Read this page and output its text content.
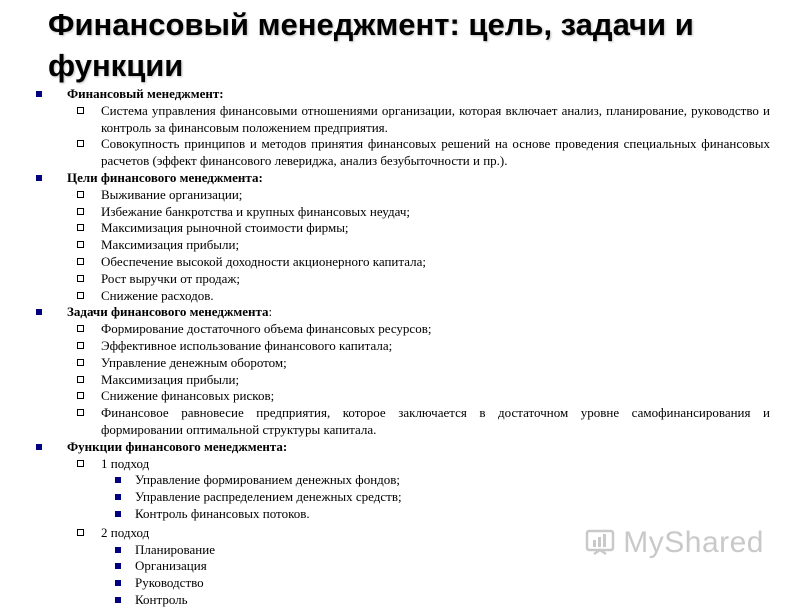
Финансовый менеджмент: цель, задачи и функции
Финансовый менеджмент:
Система управления финансовыми отношениями организации, которая включает анализ, планирование, руководство и контроль за финансовым положением предприятия.
Совокупность принципов и методов принятия финансовых решений на основе проведения специальных финансовых расчетов (эффект финансового левериджа, анализ безубыточности и пр.).
Цели финансового менеджмента:
Выживание организации;
Избежание банкротства и крупных финансовых неудач;
Максимизация рыночной стоимости фирмы;
Максимизация прибыли;
Обеспечение высокой доходности акционерного капитала;
Рост выручки от продаж;
Снижение расходов.
Задачи финансового менеджмента:
Формирование достаточного объема финансовых ресурсов;
Эффективное использование финансового капитала;
Управление денежным оборотом;
Максимизация прибыли;
Снижение финансовых рисков;
Финансовое равновесие предприятия, которое заключается в достаточном уровне самофинансирования и формировании оптимальной структуры капитала.
Функции финансового менеджмента:
1 подход
Управление формированием денежных фондов;
Управление распределением денежных средств;
Контроль финансовых потоков.
2 подход
Планирование
Организация
Руководство
Контроль
MyShared
